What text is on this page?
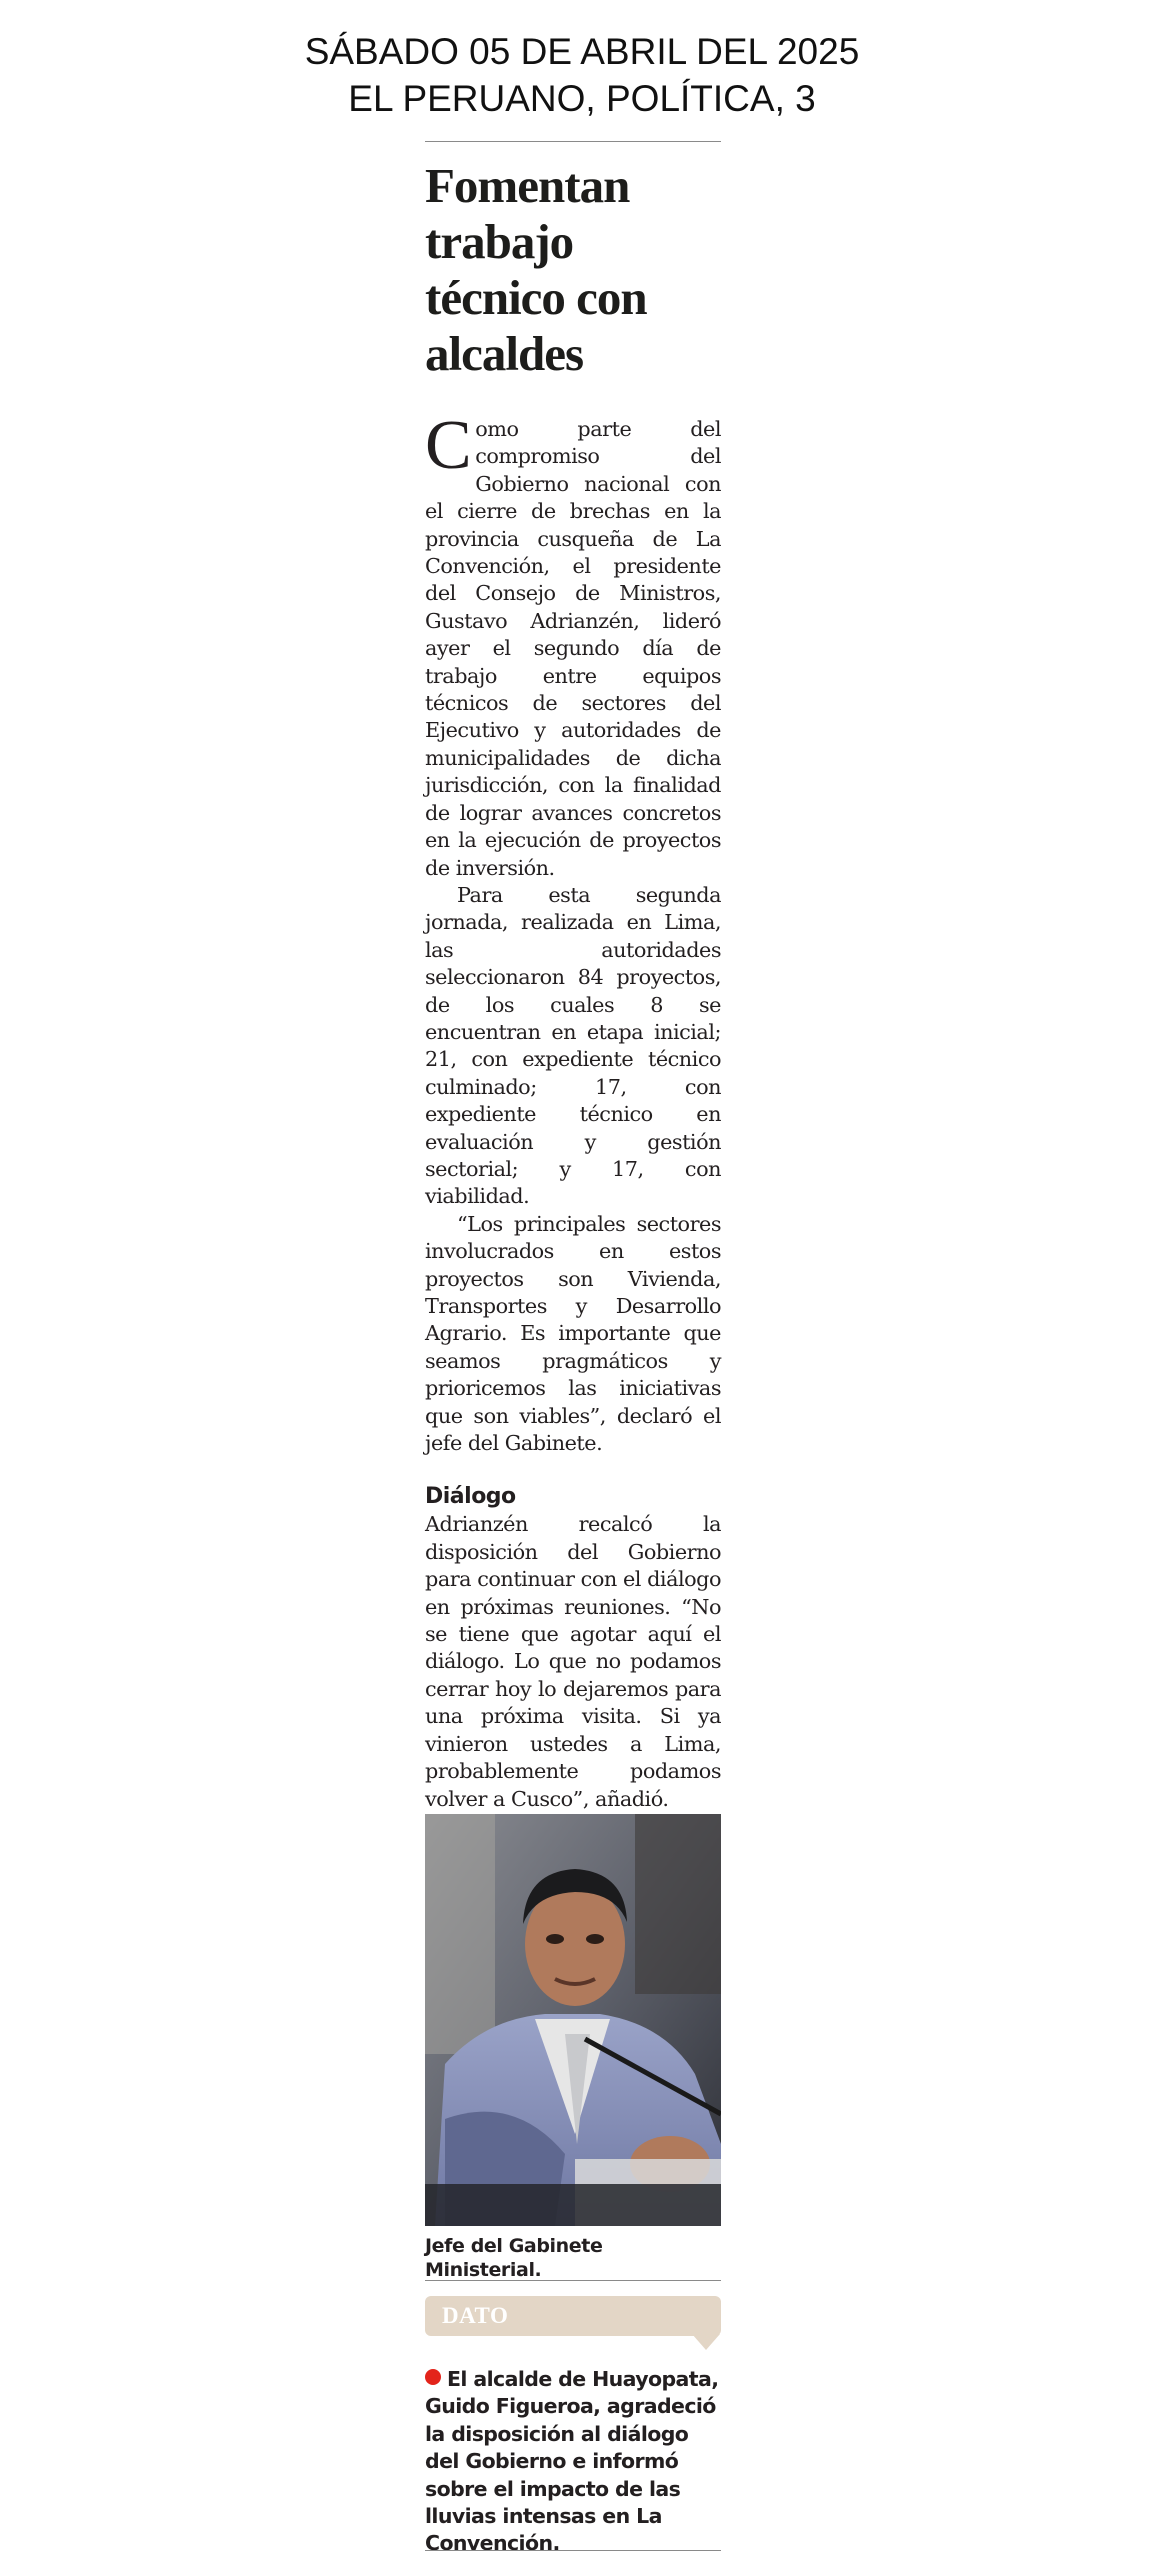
SÁBADO 05 DE ABRIL DEL 2025
EL PERUANO, POLÍTICA, 3
Fomentan trabajo técnico con alcaldes

Como parte del compromiso del Gobierno nacional con el cierre de brechas en la provincia cusqueña de La Convención, el presidente del Consejo de Ministros, Gustavo Adrianzén, lideró ayer el segundo día de trabajo entre equipos técnicos de sectores del Ejecutivo y autoridades de municipalidades de dicha jurisdicción, con la finalidad de lograr avances concretos en la ejecución de proyectos de inversión.

Para esta segunda jornada, realizada en Lima, las autoridades seleccionaron 84 proyectos, de los cuales 8 se encuentran en etapa inicial; 21, con expediente técnico culminado; 17, con expediente técnico en evaluación y gestión sectorial; y 17, con viabilidad.

“Los principales sectores involucrados en estos proyectos son Vivienda, Transportes y Desarrollo Agrario. Es importante que seamos pragmáticos y prioricemos las iniciativas que son viables”, declaró el jefe del Gabinete.

Diálogo

Adrianzén recalcó la disposición del Gobierno para continuar con el diálogo en próximas reuniones. “No se tiene que agotar aquí el diálogo. Lo que no podamos cerrar hoy lo dejaremos para una próxima visita. Si ya vinieron ustedes a Lima, probablemente podamos volver a Cusco”, añadió.

Jefe del Gabinete Ministerial.
DATO
El alcalde de Huayopata, Guido Figueroa, agradeció la disposición al diálogo del Gobierno e informó sobre el impacto de las lluvias intensas en La Convención.
